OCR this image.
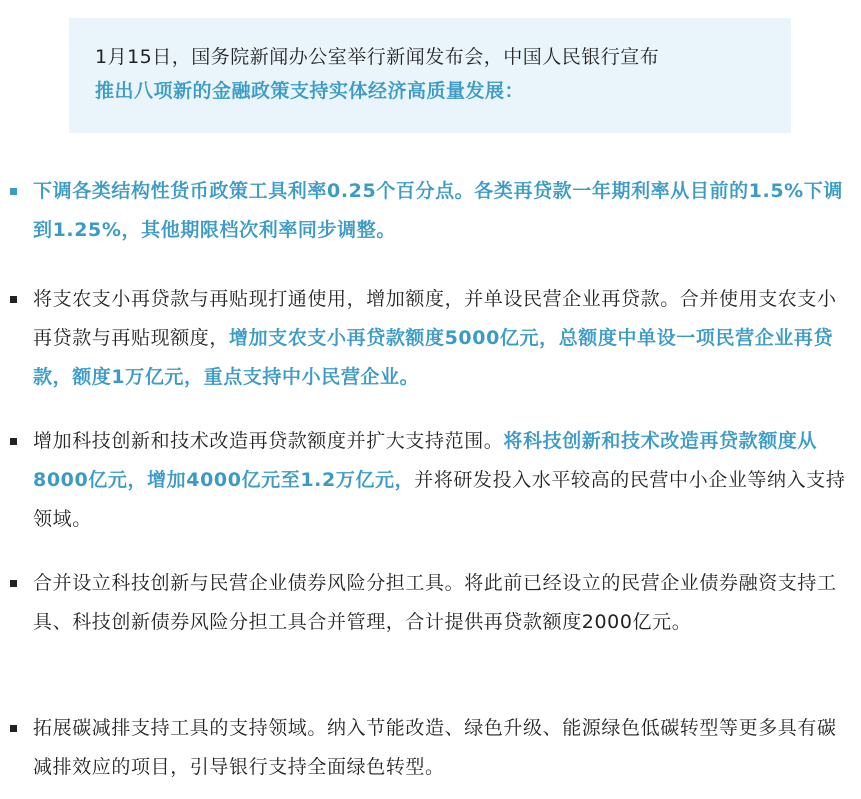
1月15日，国务院新闻办公室举行新闻发布会，中国人民银行宣布
推出八项新的金融政策支持实体经济高质量发展：
下调各类结构性货币政策工具利率0.25个百分点。各类再贷款一年期利率从目前的1.5%下调到1.25%，其他期限档次利率同步调整。
将支农支小再贷款与再贴现打通使用，增加额度，并单设民营企业再贷款。合并使用支农支小再贷款与再贴现额度，增加支农支小再贷款额度5000亿元，总额度中单设一项民营企业再贷款，额度1万亿元，重点支持中小民营企业。
增加科技创新和技术改造再贷款额度并扩大支持范围。将科技创新和技术改造再贷款额度从8000亿元，增加4000亿元至1.2万亿元，并将研发投入水平较高的民营中小企业等纳入支持领域。
合并设立科技创新与民营企业债券风险分担工具。将此前已经设立的民营企业债券融资支持工具、科技创新债券风险分担工具合并管理，合计提供再贷款额度2000亿元。
拓展碳减排支持工具的支持领域。纳入节能改造、绿色升级、能源绿色低碳转型等更多具有碳减排效应的项目，引导银行支持全面绿色转型。
